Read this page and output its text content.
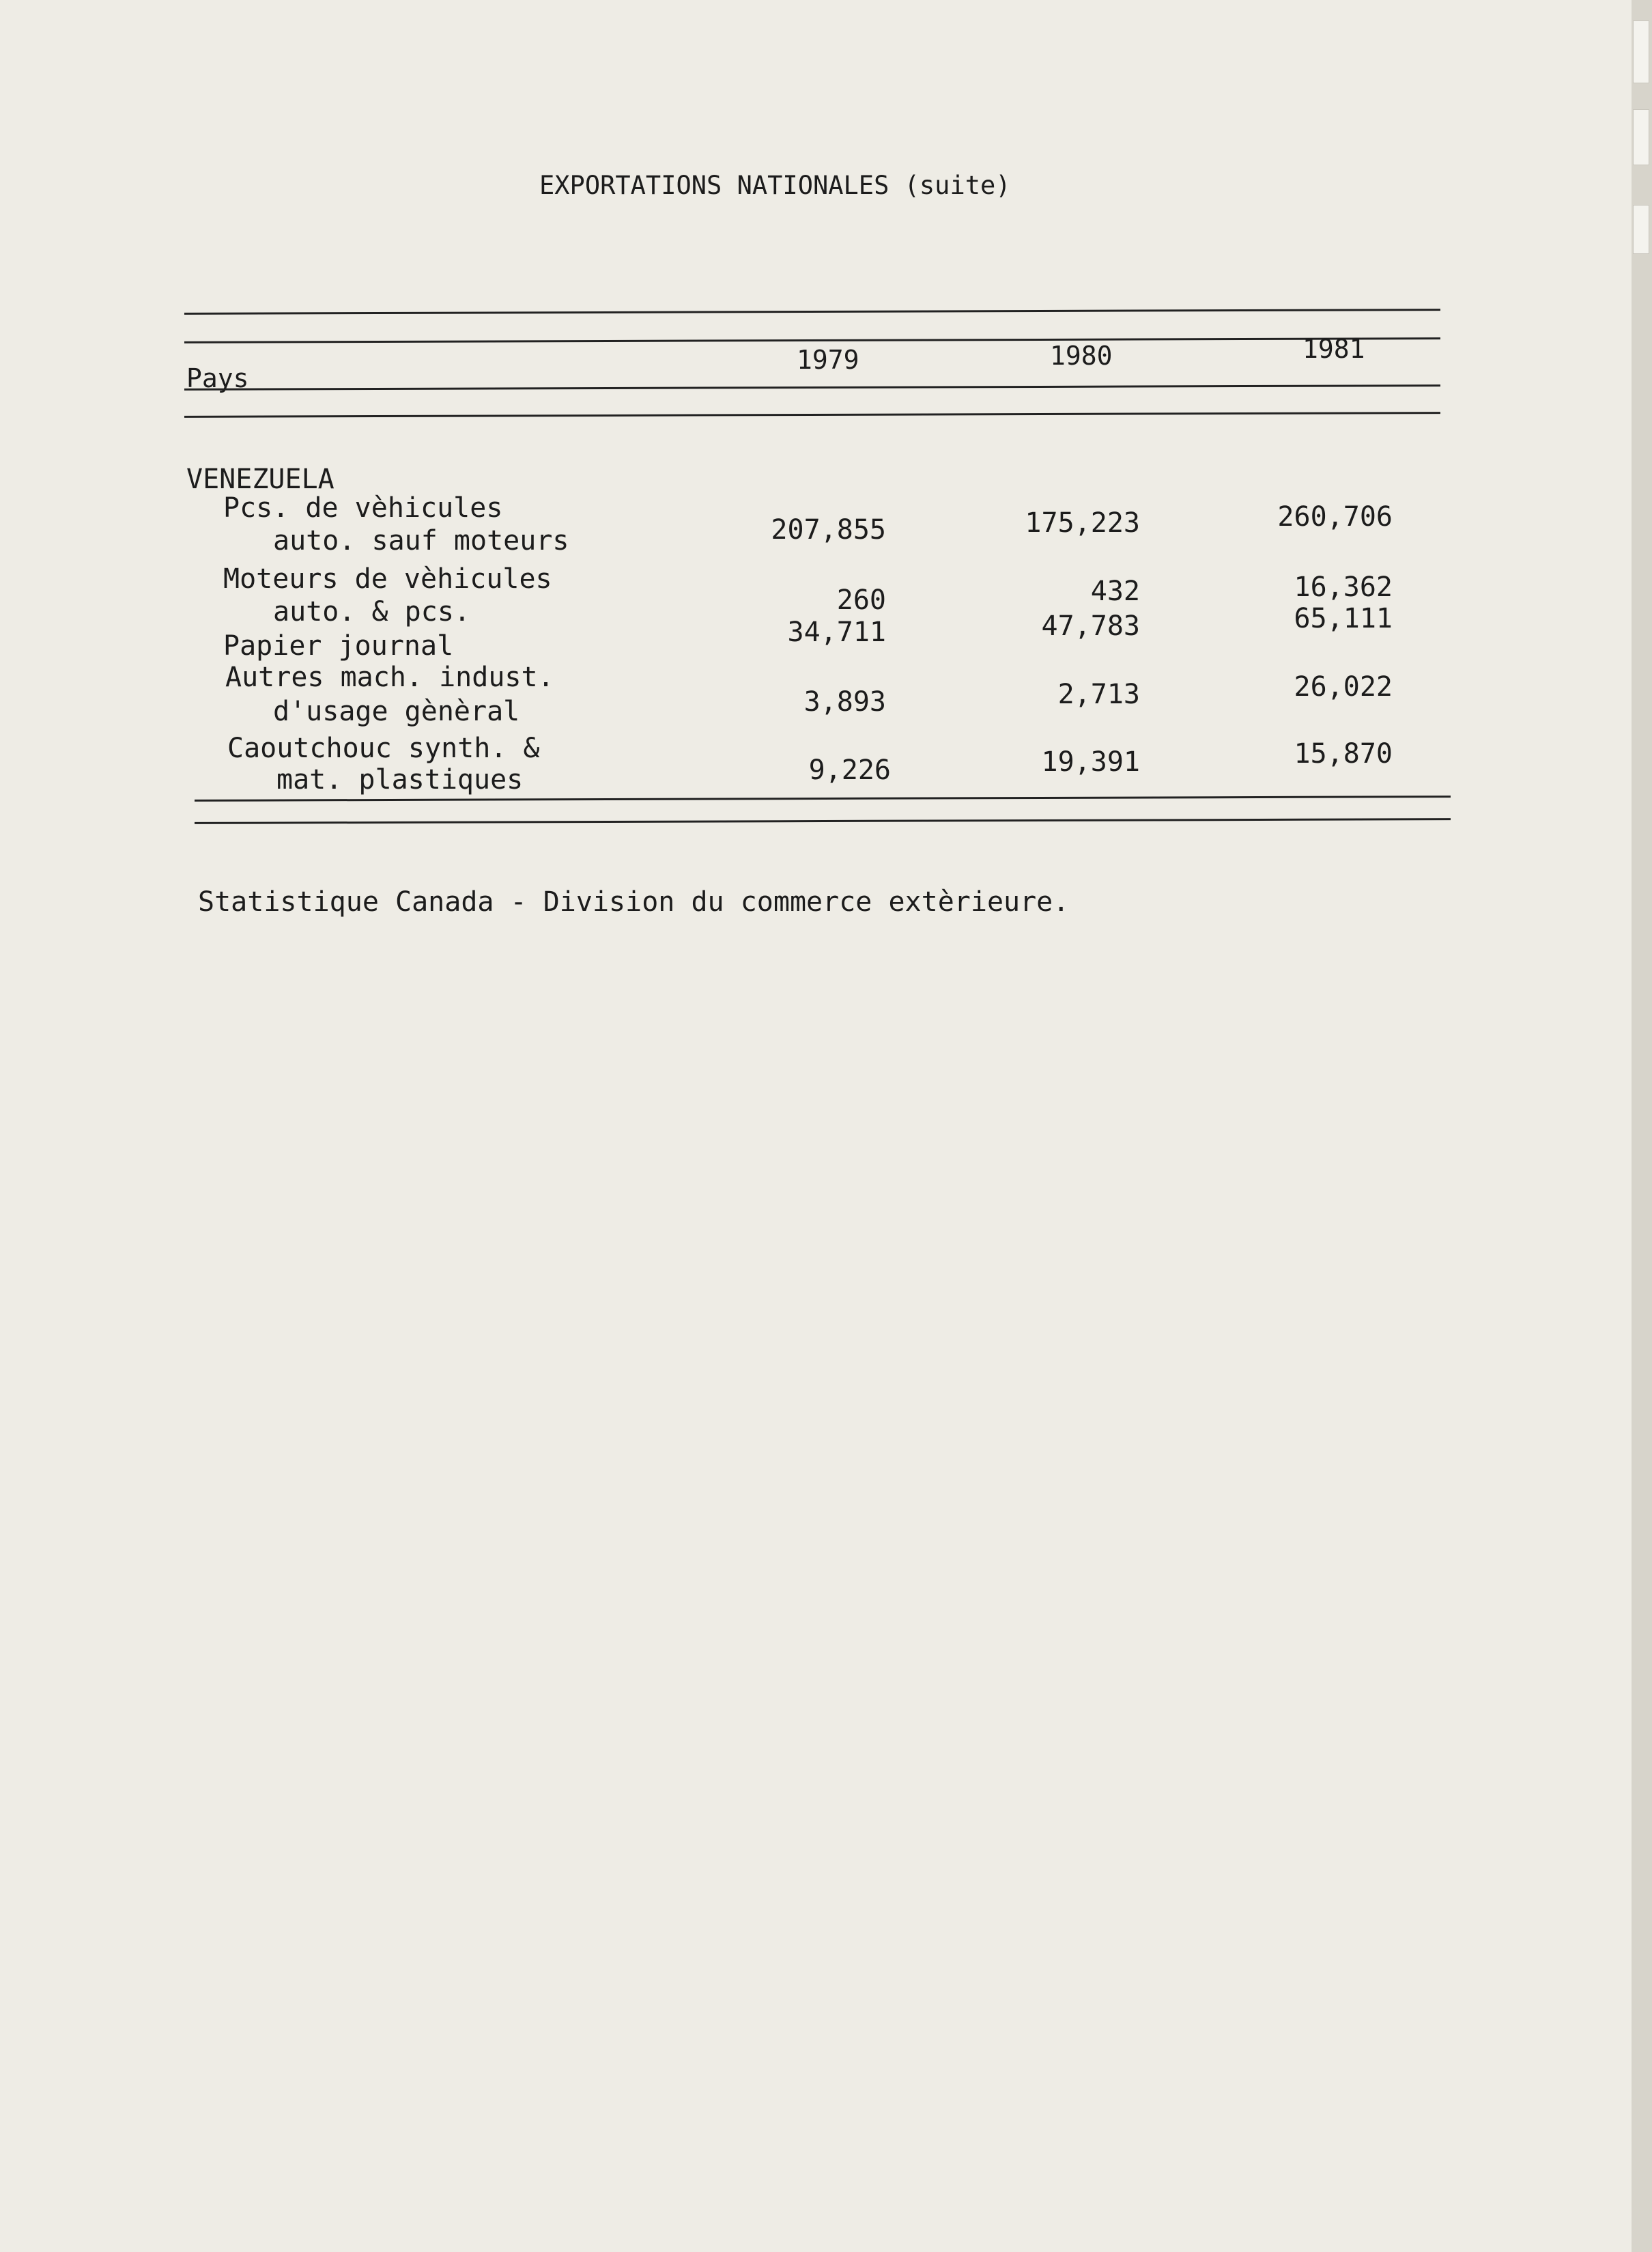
EXPORTATIONS NATIONALES (suite)
Pays
1979	1980	1981
VENEZUELA
Pcs. de vèhicules
auto. sauf moteurs	207,855	175,223	260,706
Moteurs de vèhicules
auto. & pcs.	260	432	16,362
Papier journal	34,711	47,783	65,111
Autres mach. indust.
d'usage gènèral	3,893	2,713	26,022
Caoutchouc synth. &
mat. plastiques	9,226	19,391	15,870
Statistique Canada - Division du commerce extèrieure.
